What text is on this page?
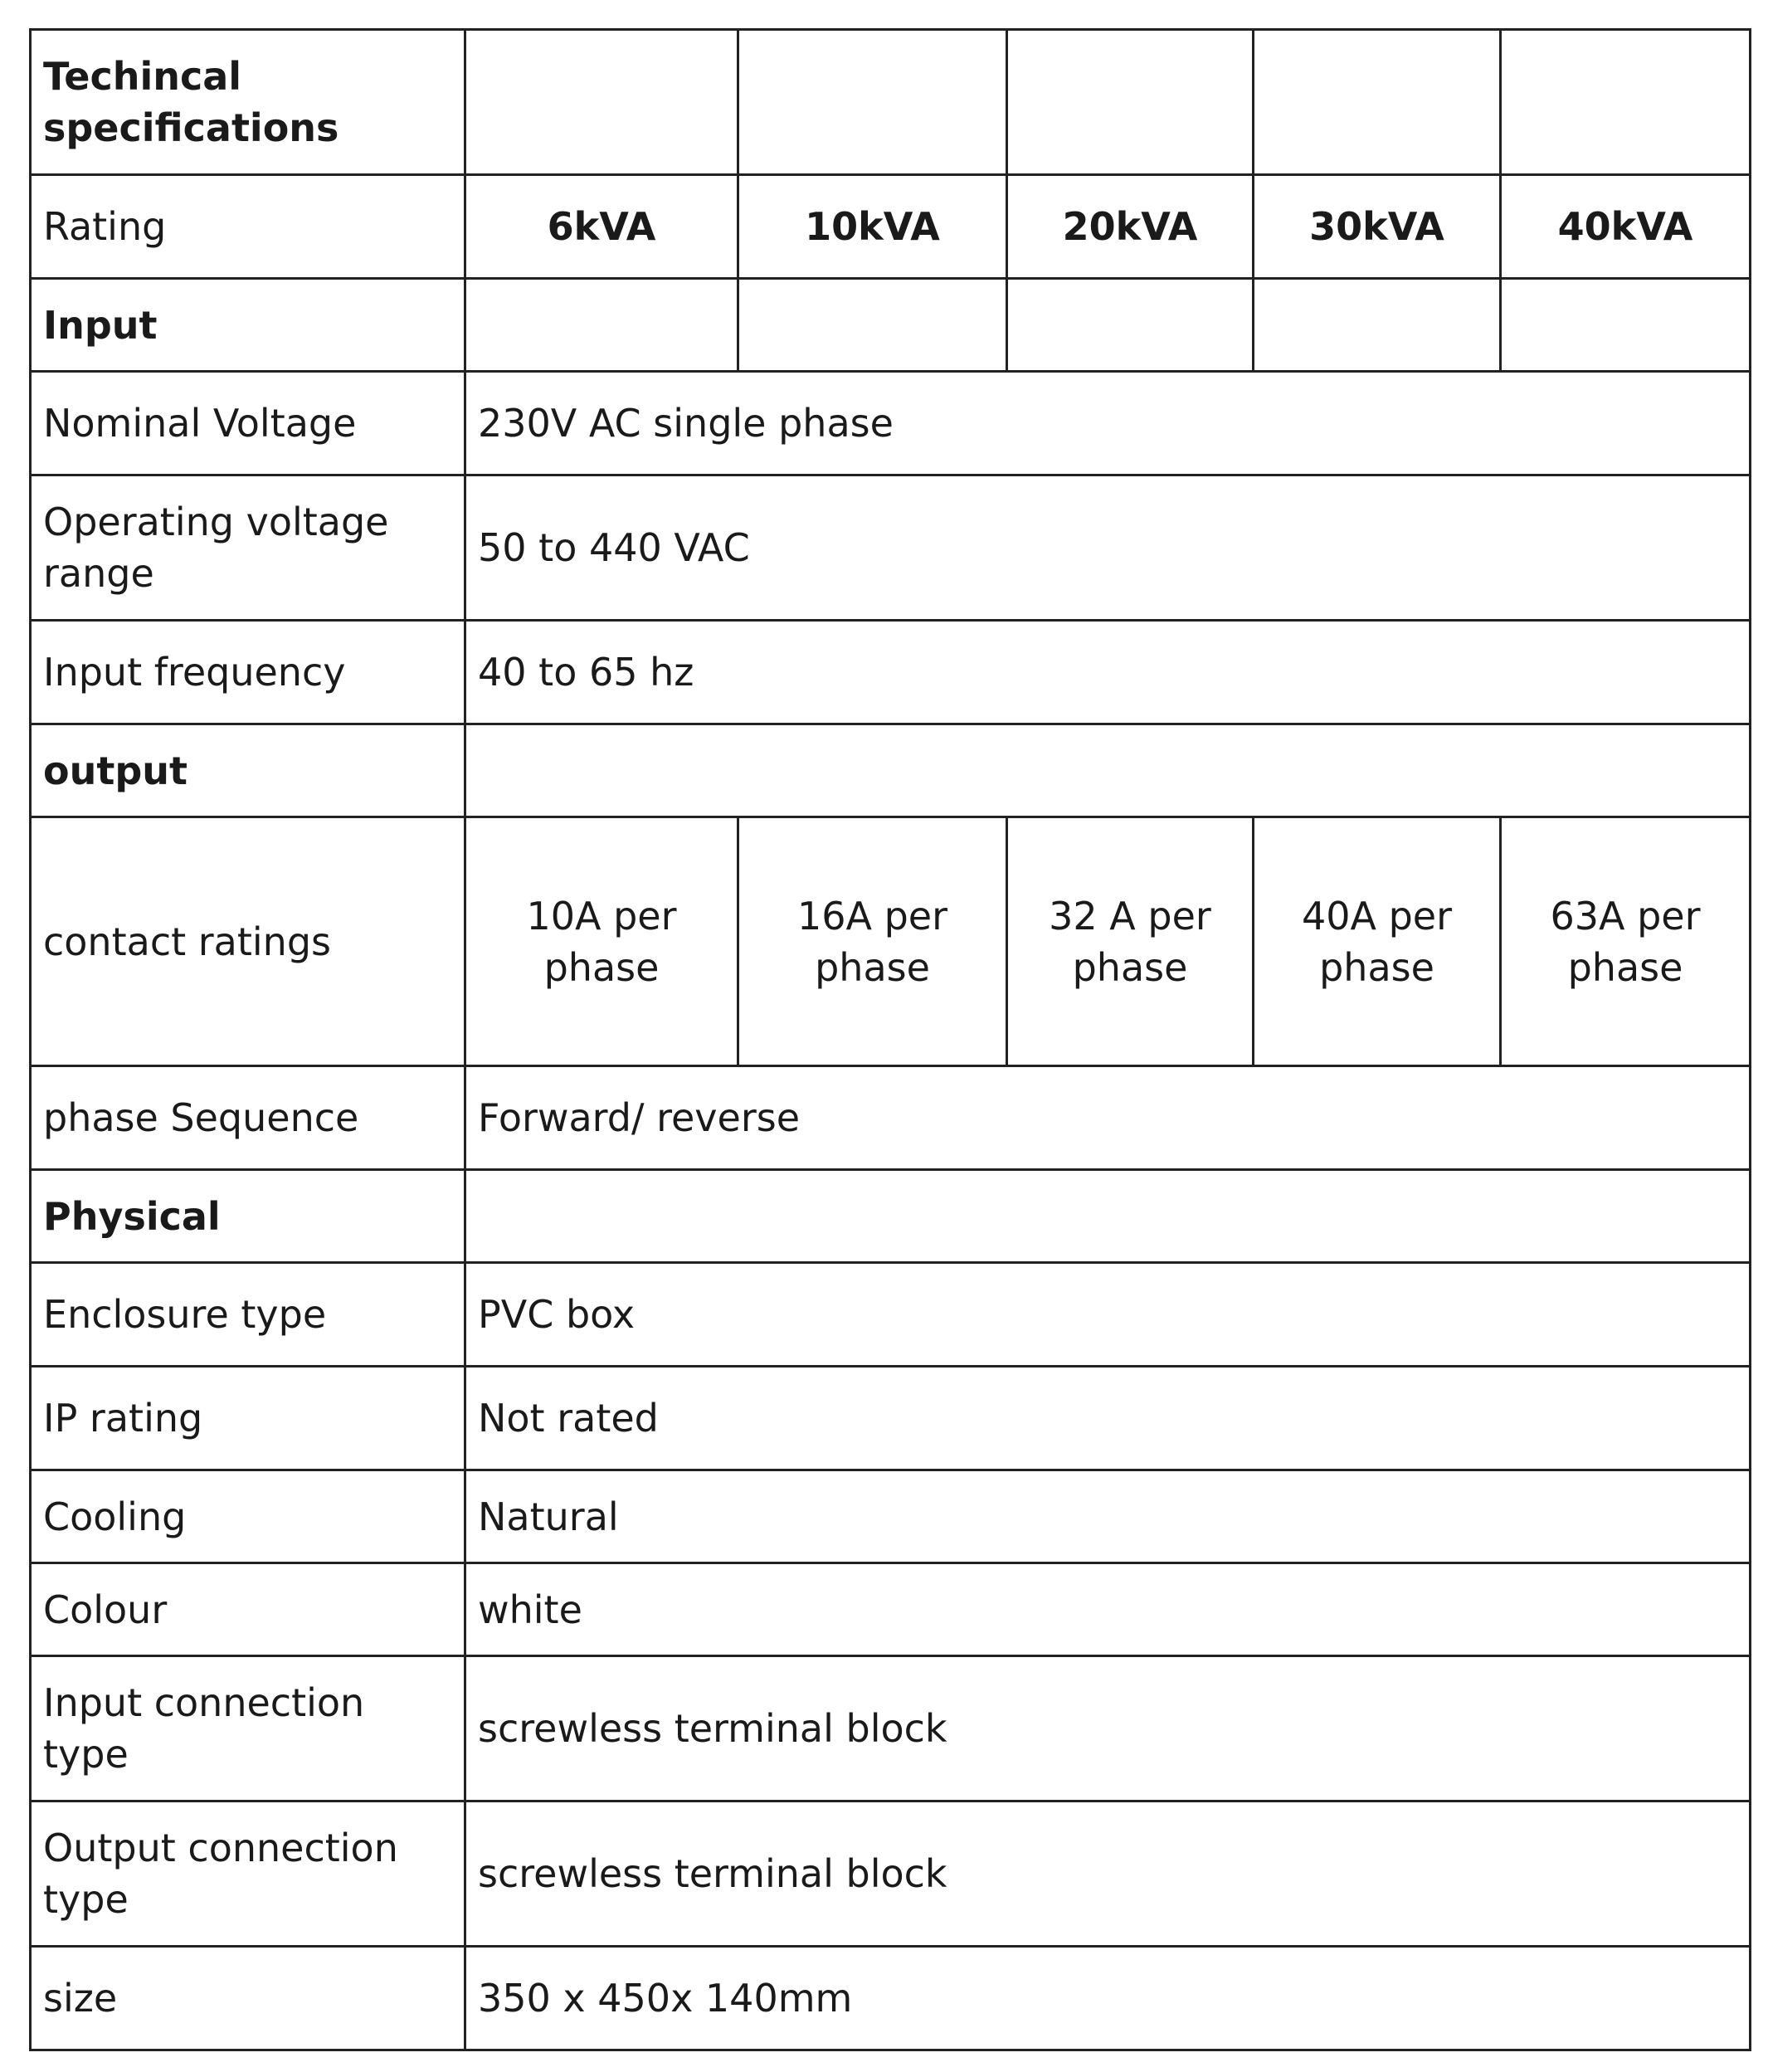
Techincal specifications					
Rating	6kVA	10kVA	20kVA	30kVA	40kVA
Input					
Nominal Voltage	230V AC single phase				
Operating voltage range	50 to 440 VAC				
Input frequency	40 to 65 hz				
output					
contact ratings	10A per phase	16A per phase	32 A per phase	40A per phase	63A per phase
phase Sequence	Forward/ reverse				
Physical					
Enclosure type	PVC box				
IP rating	Not rated				
Cooling	Natural				
Colour	white				
Input connection type	screwless terminal block				
Output connection type	screwless terminal block				
size	350 x 450x 140mm				
